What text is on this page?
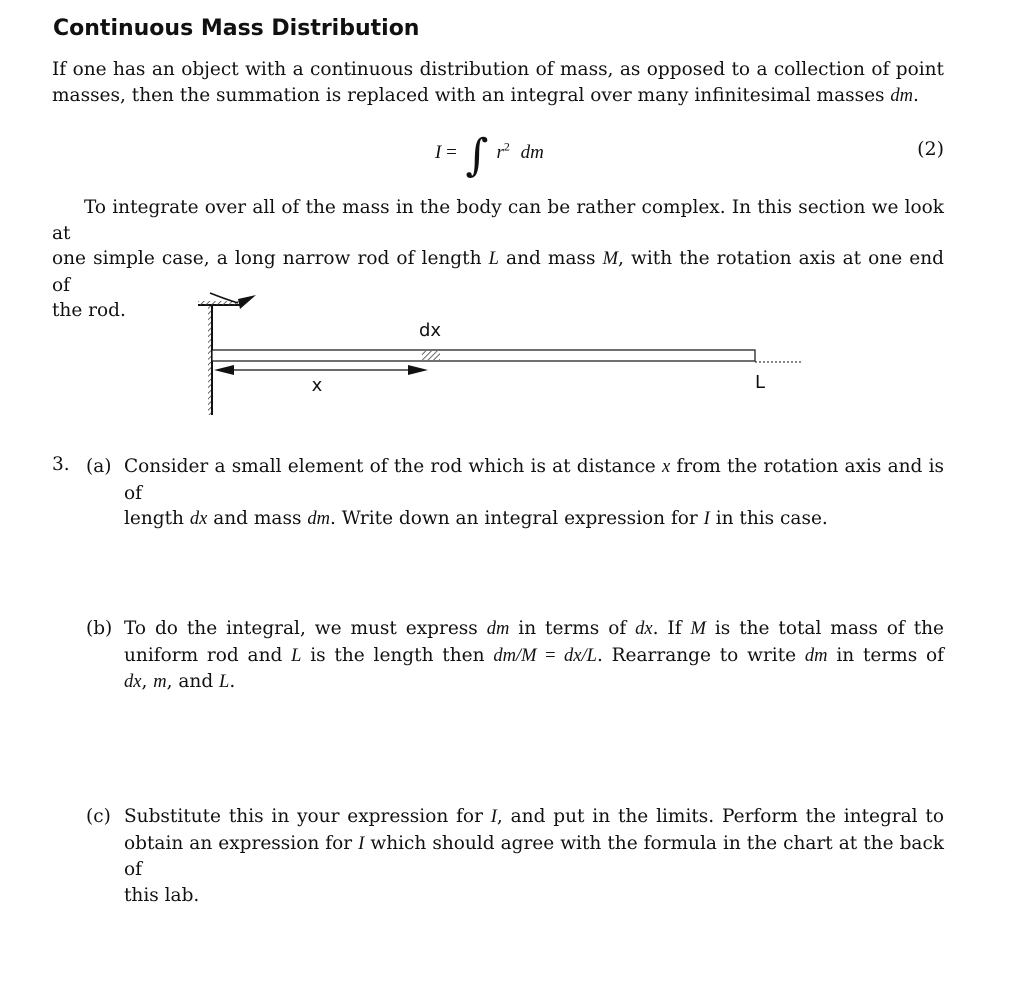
Continuous Mass Distribution

If one has an object with a continuous distribution of mass, as opposed to a collection of point
masses, then the summation is replaced with an integral over many infinitesimal masses dm.

I = ∫ $r^2$ dm	(2)

To integrate over all of the mass in the body can be rather complex. In this section we look at
one simple case, a long narrow rod of length L and mass M, with the rotation axis at one end of
the rod.

dx
x	L
3. (a) Consider a small element of the rod which is at distance x from the rotation axis and is of
length dx and mass dm. Write down an integral expression for I in this case.
(b) To do the integral, we must express dm in terms of dx. If M is the total mass of the
uniform rod and L is the length then dm/M = dx/L. Rearrange to write dm in terms of
dx, m, and L.
(c) Substitute this in your expression for I, and put in the limits. Perform the integral to
obtain an expression for I which should agree with the formula in the chart at the back of
this lab.
